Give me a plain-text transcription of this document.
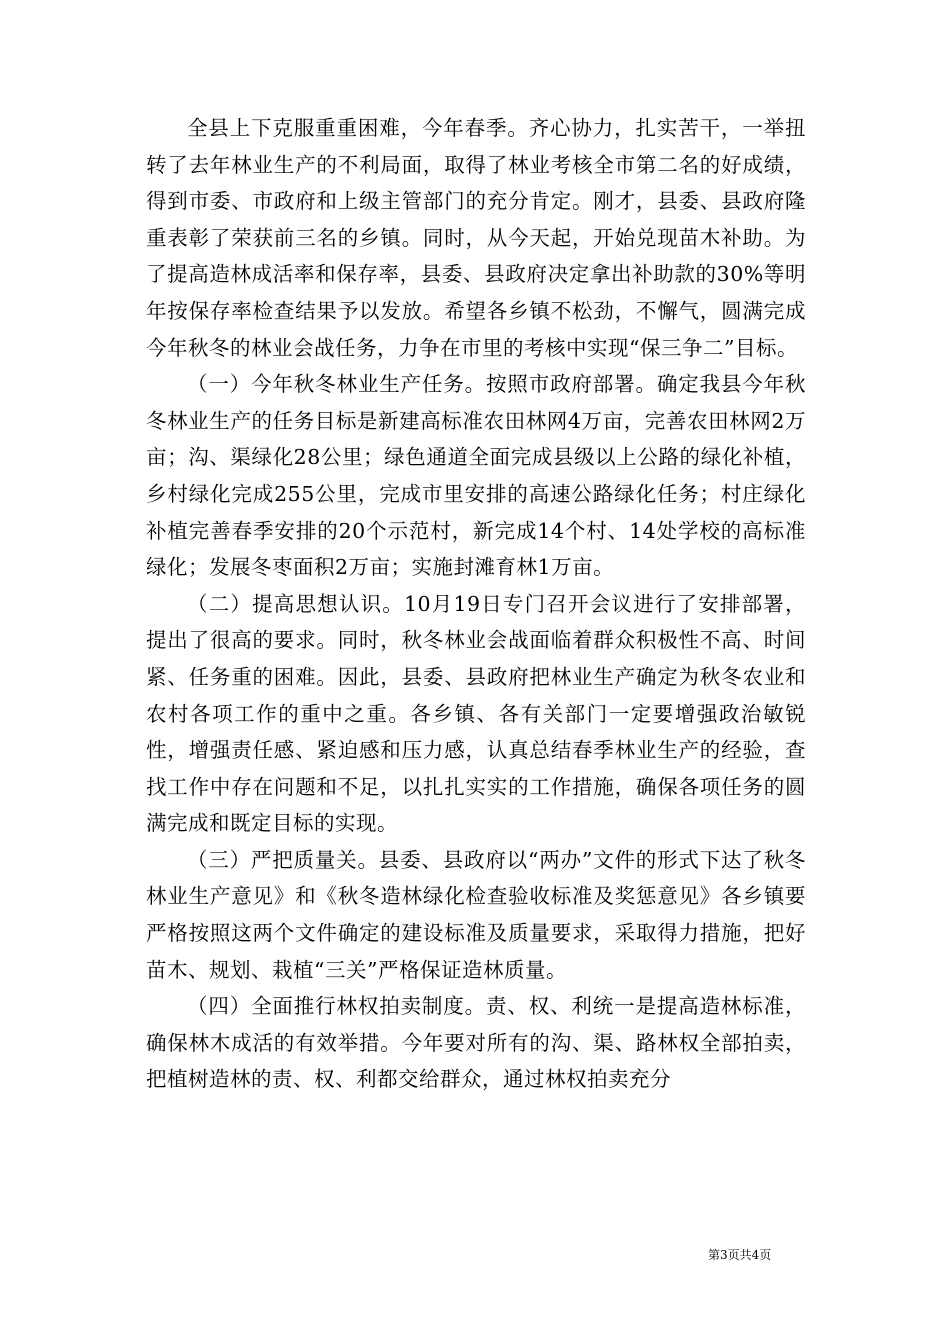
全县上下克服重重困难，今年春季。齐心协力，扎实苦干，一举扭转了去年林业生产的不利局面，取得了林业考核全市第二名的好成绩，得到市委、市政府和上级主管部门的充分肯定。刚才，县委、县政府隆重表彰了荣获前三名的乡镇。同时，从今天起，开始兑现苗木补助。为了提高造林成活率和保存率，县委、县政府决定拿出补助款的30%等明年按保存率检查结果予以发放。希望各乡镇不松劲，不懈气，圆满完成今年秋冬的林业会战任务，力争在市里的考核中实现“保三争二”目标。

（一）今年秋冬林业生产任务。按照市政府部署。确定我县今年秋冬林业生产的任务目标是新建高标准农田林网4万亩，完善农田林网2万亩；沟、渠绿化28公里；绿色通道全面完成县级以上公路的绿化补植，乡村绿化完成255公里，完成市里安排的高速公路绿化任务；村庄绿化补植完善春季安排的20个示范村，新完成14个村、14处学校的高标准绿化；发展冬枣面积2万亩；实施封滩育林1万亩。

（二）提高思想认识。10月19日专门召开会议进行了安排部署，提出了很高的要求。同时，秋冬林业会战面临着群众积极性不高、时间紧、任务重的困难。因此，县委、县政府把林业生产确定为秋冬农业和农村各项工作的重中之重。各乡镇、各有关部门一定要增强政治敏锐性，增强责任感、紧迫感和压力感，认真总结春季林业生产的经验，查找工作中存在问题和不足，以扎扎实实的工作措施，确保各项任务的圆满完成和既定目标的实现。

（三）严把质量关。县委、县政府以“两办”文件的形式下达了秋冬林业生产意见》和《秋冬造林绿化检查验收标准及奖惩意见》各乡镇要严格按照这两个文件确定的建设标准及质量要求，采取得力措施，把好苗木、规划、栽植“三关”严格保证造林质量。

（四）全面推行林权拍卖制度。责、权、利统一是提高造林标准，确保林木成活的有效举措。今年要对所有的沟、渠、路林权全部拍卖，把植树造林的责、权、利都交给群众，通过林权拍卖充分

第3页共4页
